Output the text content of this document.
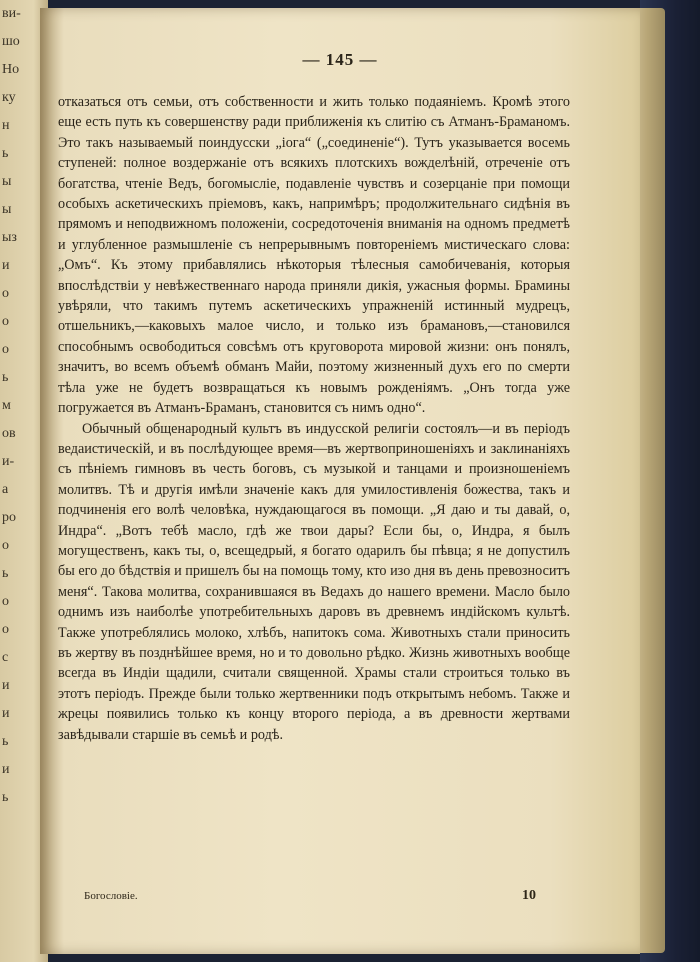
ви-
шо
Ho
ку
н
ь
ы
ы
ыз
и
o
о
о
ь
м
ов
и-
а
ро
о
ь
о
о
с
и
и
ь
и
ь
— 145 —

отказаться отъ семьи, отъ собственности и жить только подаяніемъ. Кромѣ этого еще есть путь къ совершенству ради приближенія къ слитію съ Атманъ-Браманомъ. Это такъ называемый поиндусски „іога“ („соединеніе“). Тутъ указывается восемь ступеней: полное воздержаніе отъ всякихъ плотскихъ вожделѣній, отреченіе отъ богатства, чтеніе Ведъ, богомысліе, подавленіе чувствъ и созерцаніе при помощи особыхъ аскетическихъ пріемовъ, какъ, напримѣръ; продолжительнаго сидѣнія въ прямомъ и неподвижномъ положеніи, сосредоточенія вниманія на одномъ предметѣ и углубленное размышленіе съ непрерывнымъ повтореніемъ мистическаго слова: „Омъ“. Къ этому прибавлялись нѣкоторыя тѣлесныя самобичеванія, которыя впослѣдствіи у невѣжественнаго народа приняли дикія, ужасныя формы. Брамины увѣряли, что такимъ путемъ аскетическихъ упражненій истинный мудрецъ, отшельникъ,—каковыхъ малое число, и только изъ брамановъ,—становился способнымъ освободиться совсѣмъ отъ круговорота мировой жизни: онъ понялъ, значитъ, во всемъ объемѣ обманъ Майи, поэтому жизненный духъ его по смерти тѣла уже не будетъ возвращаться къ новымъ рожденіямъ. „Онъ тогда уже погружается въ Атманъ-Браманъ, становится съ нимъ одно“.

Обычный общенародный культъ въ индусской религіи состоялъ—и въ періодъ ведаистическій, и въ послѣдующее время—въ жертвоприношеніяхъ и заклинаніяхъ съ пѣніемъ гимновъ въ честь боговъ, съ музыкой и танцами и произношеніемъ молитвъ. Тѣ и другія имѣли значеніе какъ для умилостивленія божества, такъ и подчиненія его волѣ человѣка, нуждающагося въ помощи. „Я даю и ты давай, о, Индра“. „Вотъ тебѣ масло, гдѣ же твои дары? Если бы, о, Индра, я былъ могущественъ, какъ ты, о, всещедрый, я богато одарилъ бы пѣвца; я не допустилъ бы его до бѣдствія и пришелъ бы на помощь тому, кто изо дня въ день превозноситъ меня“. Такова молитва, сохранившаяся въ Ведахъ до нашего времени. Масло было однимъ изъ наиболѣе употребительныхъ даровъ въ древнемъ индійскомъ культѣ. Также употреблялись молоко, хлѣбъ, напитокъ сома. Животныхъ стали приносить въ жертву въ позднѣйшее время, но и то довольно рѣдко. Жизнь животныхъ вообще всегда въ Индіи щадили, считали священной. Храмы стали строиться только въ этотъ періодъ. Прежде были только жертвенники подъ открытымъ небомъ. Также и жрецы появились только къ концу второго періода, а въ древности жертвами завѣдывали старшіе въ семьѣ и родѣ.

Богословіе.	10
